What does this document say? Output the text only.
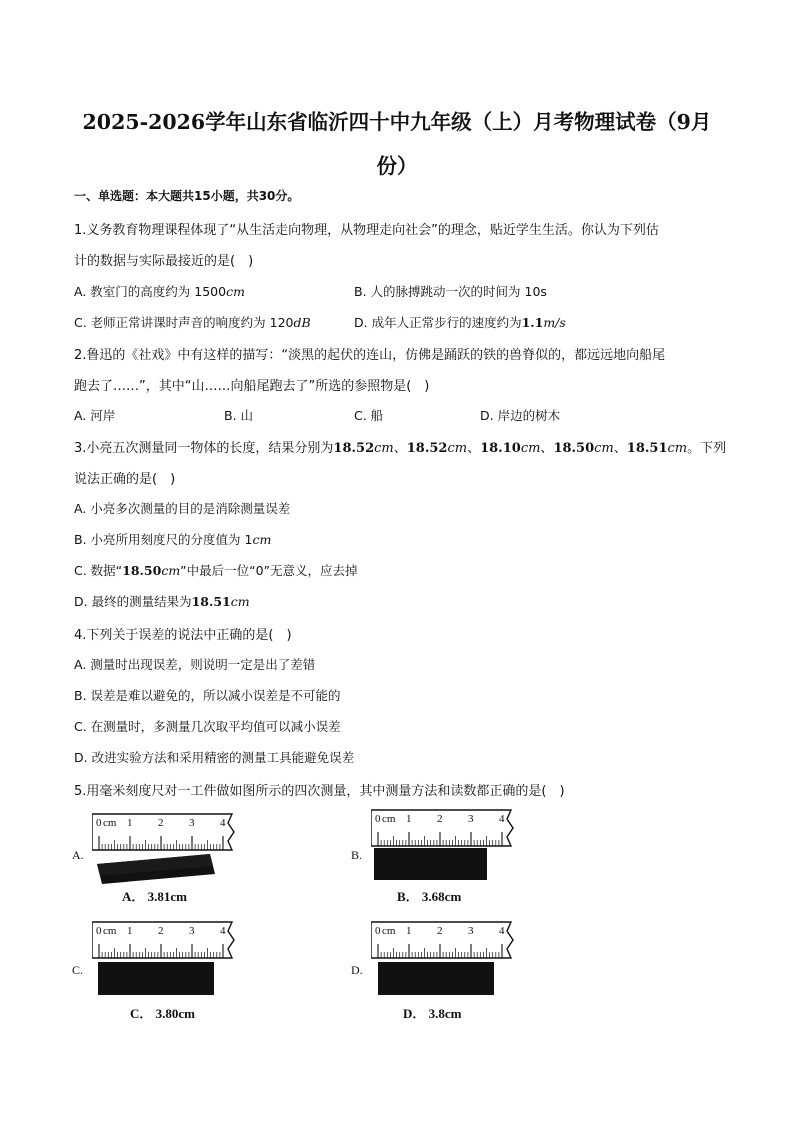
2025-2026学年山东省临沂四十中九年级（上）月考物理试卷（9月
份）
一、单选题：本大题共15小题，共30分。
1.义务教育物理课程体现了“从生活走向物理，从物理走向社会”的理念，贴近学生生活。你认为下列估
计的数据与实际最接近的是(　)
A. 教室门的高度约为 1500cm	B. 人的脉搏跳动一次的时间为 10s
C. 老师正常讲课时声音的响度约为 120dB	D. 成年人正常步行的速度约为1.1m/s
2.鲁迅的《社戏》中有这样的描写：“淡黑的起伏的连山，仿佛是踊跃的铁的兽脊似的，都远远地向船尾
跑去了……”，其中“山……向船尾跑去了”所选的参照物是(　)
A. 河岸	B. 山	C. 船	D. 岸边的树木
3.小亮五次测量同一物体的长度，结果分别为18.52cm、18.52cm、18.10cm、18.50cm、18.51cm。下列
说法正确的是(　)
A. 小亮多次测量的目的是消除测量误差
B. 小亮所用刻度尺的分度值为 1cm
C. 数据“18.50cm”中最后一位“0”无意义，应去掉
D. 最终的测量结果为18.51cm
4.下列关于误差的说法中正确的是(　)
A. 测量时出现误差，则说明一定是出了差错
B. 误差是难以避免的，所以减小误差是不可能的
C. 在测量时，多测量几次取平均值可以减小误差
D. 改进实验方法和采用精密的测量工具能避免误差
5.用毫米刻度尺对一工件做如图所示的四次测量，其中测量方法和读数都正确的是(　)
A.	B.
C.	D.
0 1 2 3 4
cm
A． 3.81cm
0 1 2 3 4
cm
B． 3.68cm
0 1 2 3 4
cm
C． 3.80cm
0 1 2 3 4
cm
D． 3.8cm
